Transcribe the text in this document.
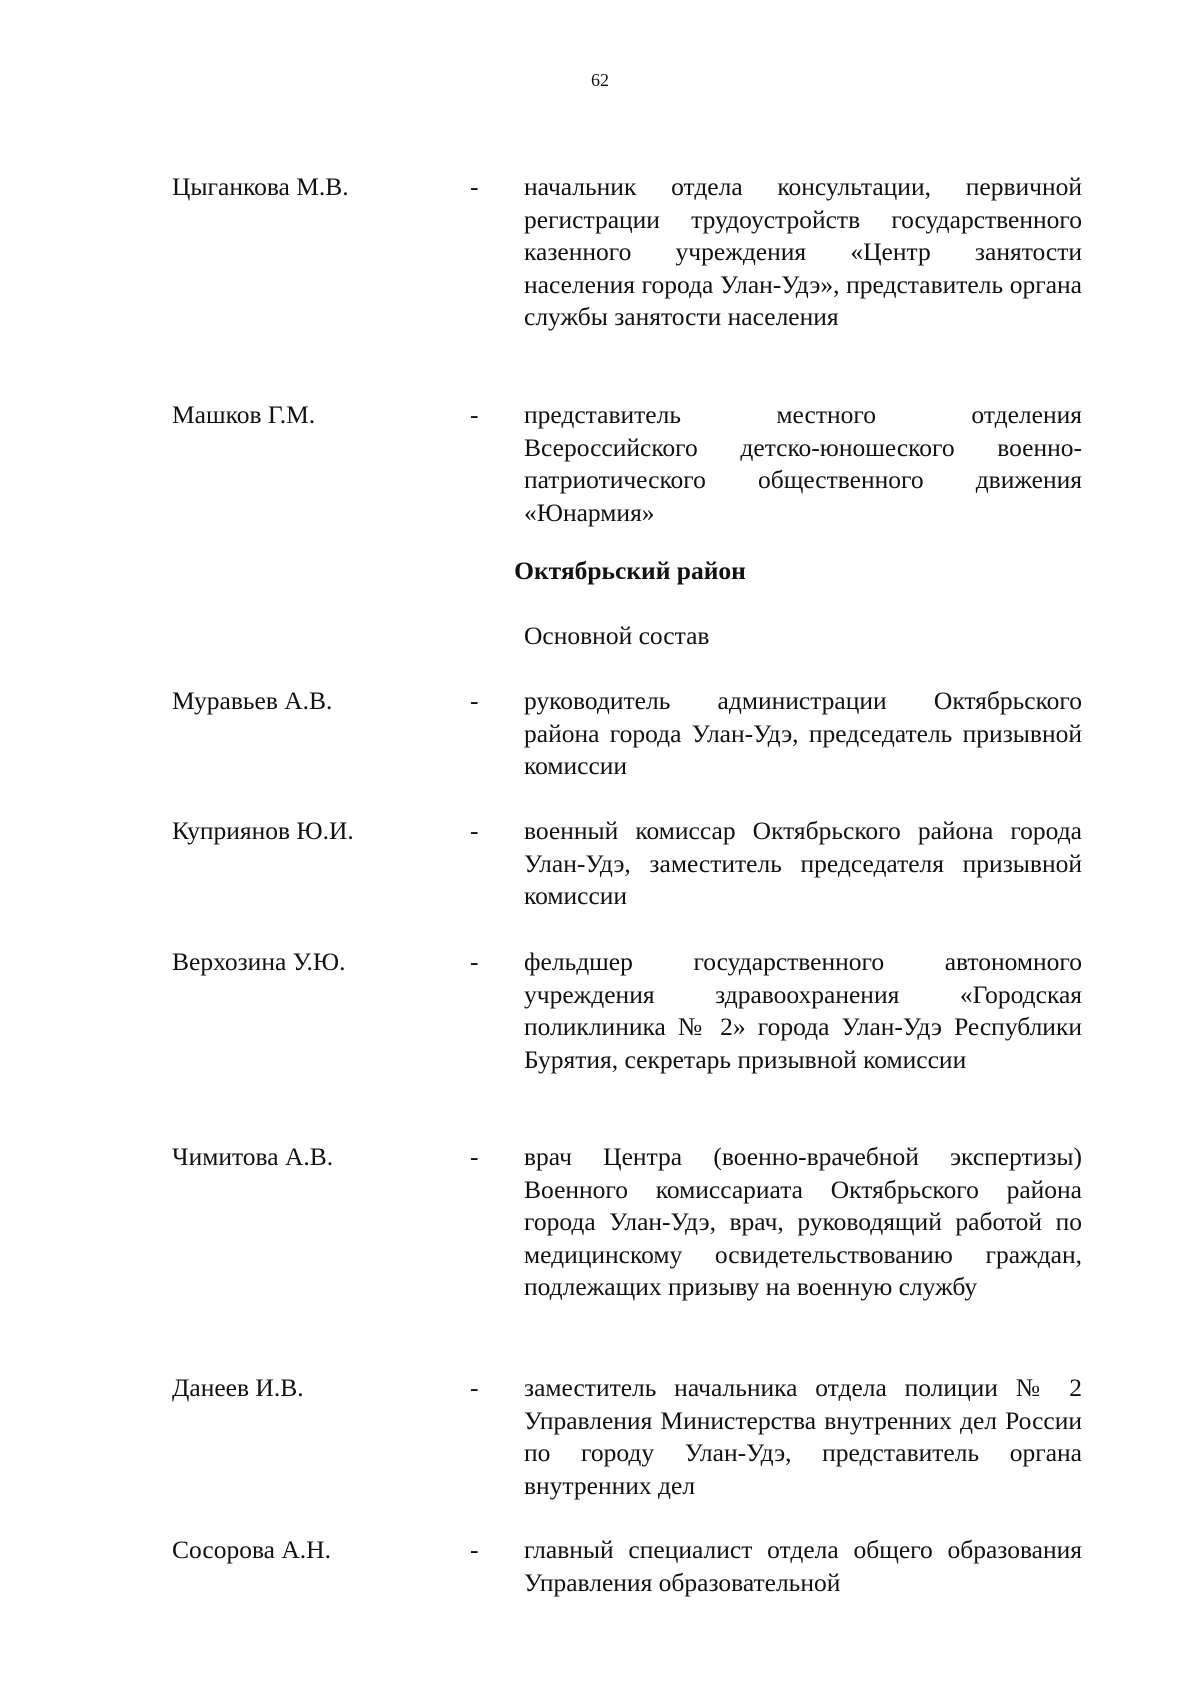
62
Цыганкова М.В.	- начальник отдела консультации, первичной регистрации трудоустройств государственного казенного учреждения «Центр занятости населения города Улан-Удэ», представитель органа службы занятости населения
Машков Г.М.	- представитель местного отделения Всероссийского детско-юношеского военно-патриотического общественного движения «Юнармия»
Октябрьский район
Основной состав
Муравьев А.В.	- руководитель администрации Октябрьского района города Улан-Удэ, председатель призывной комиссии
Куприянов Ю.И.	- военный комиссар Октябрьского района города Улан-Удэ, заместитель председателя призывной комиссии
Верхозина У.Ю.	- фельдшер государственного автономного учреждения здравоохранения «Городская поликлиника № 2» города Улан-Удэ Республики Бурятия, секретарь призывной комиссии
Чимитова А.В.	- врач Центра (военно-врачебной экспертизы) Военного комиссариата Октябрьского района города Улан-Удэ, врач, руководящий работой по медицинскому освидетельствованию граждан, подлежащих призыву на военную службу
Данеев И.В.	- заместитель начальника отдела полиции № 2 Управления Министерства внутренних дел России по городу Улан-Удэ, представитель органа внутренних дел
Сосорова А.Н.	- главный специалист отдела общего образования Управления образовательной
